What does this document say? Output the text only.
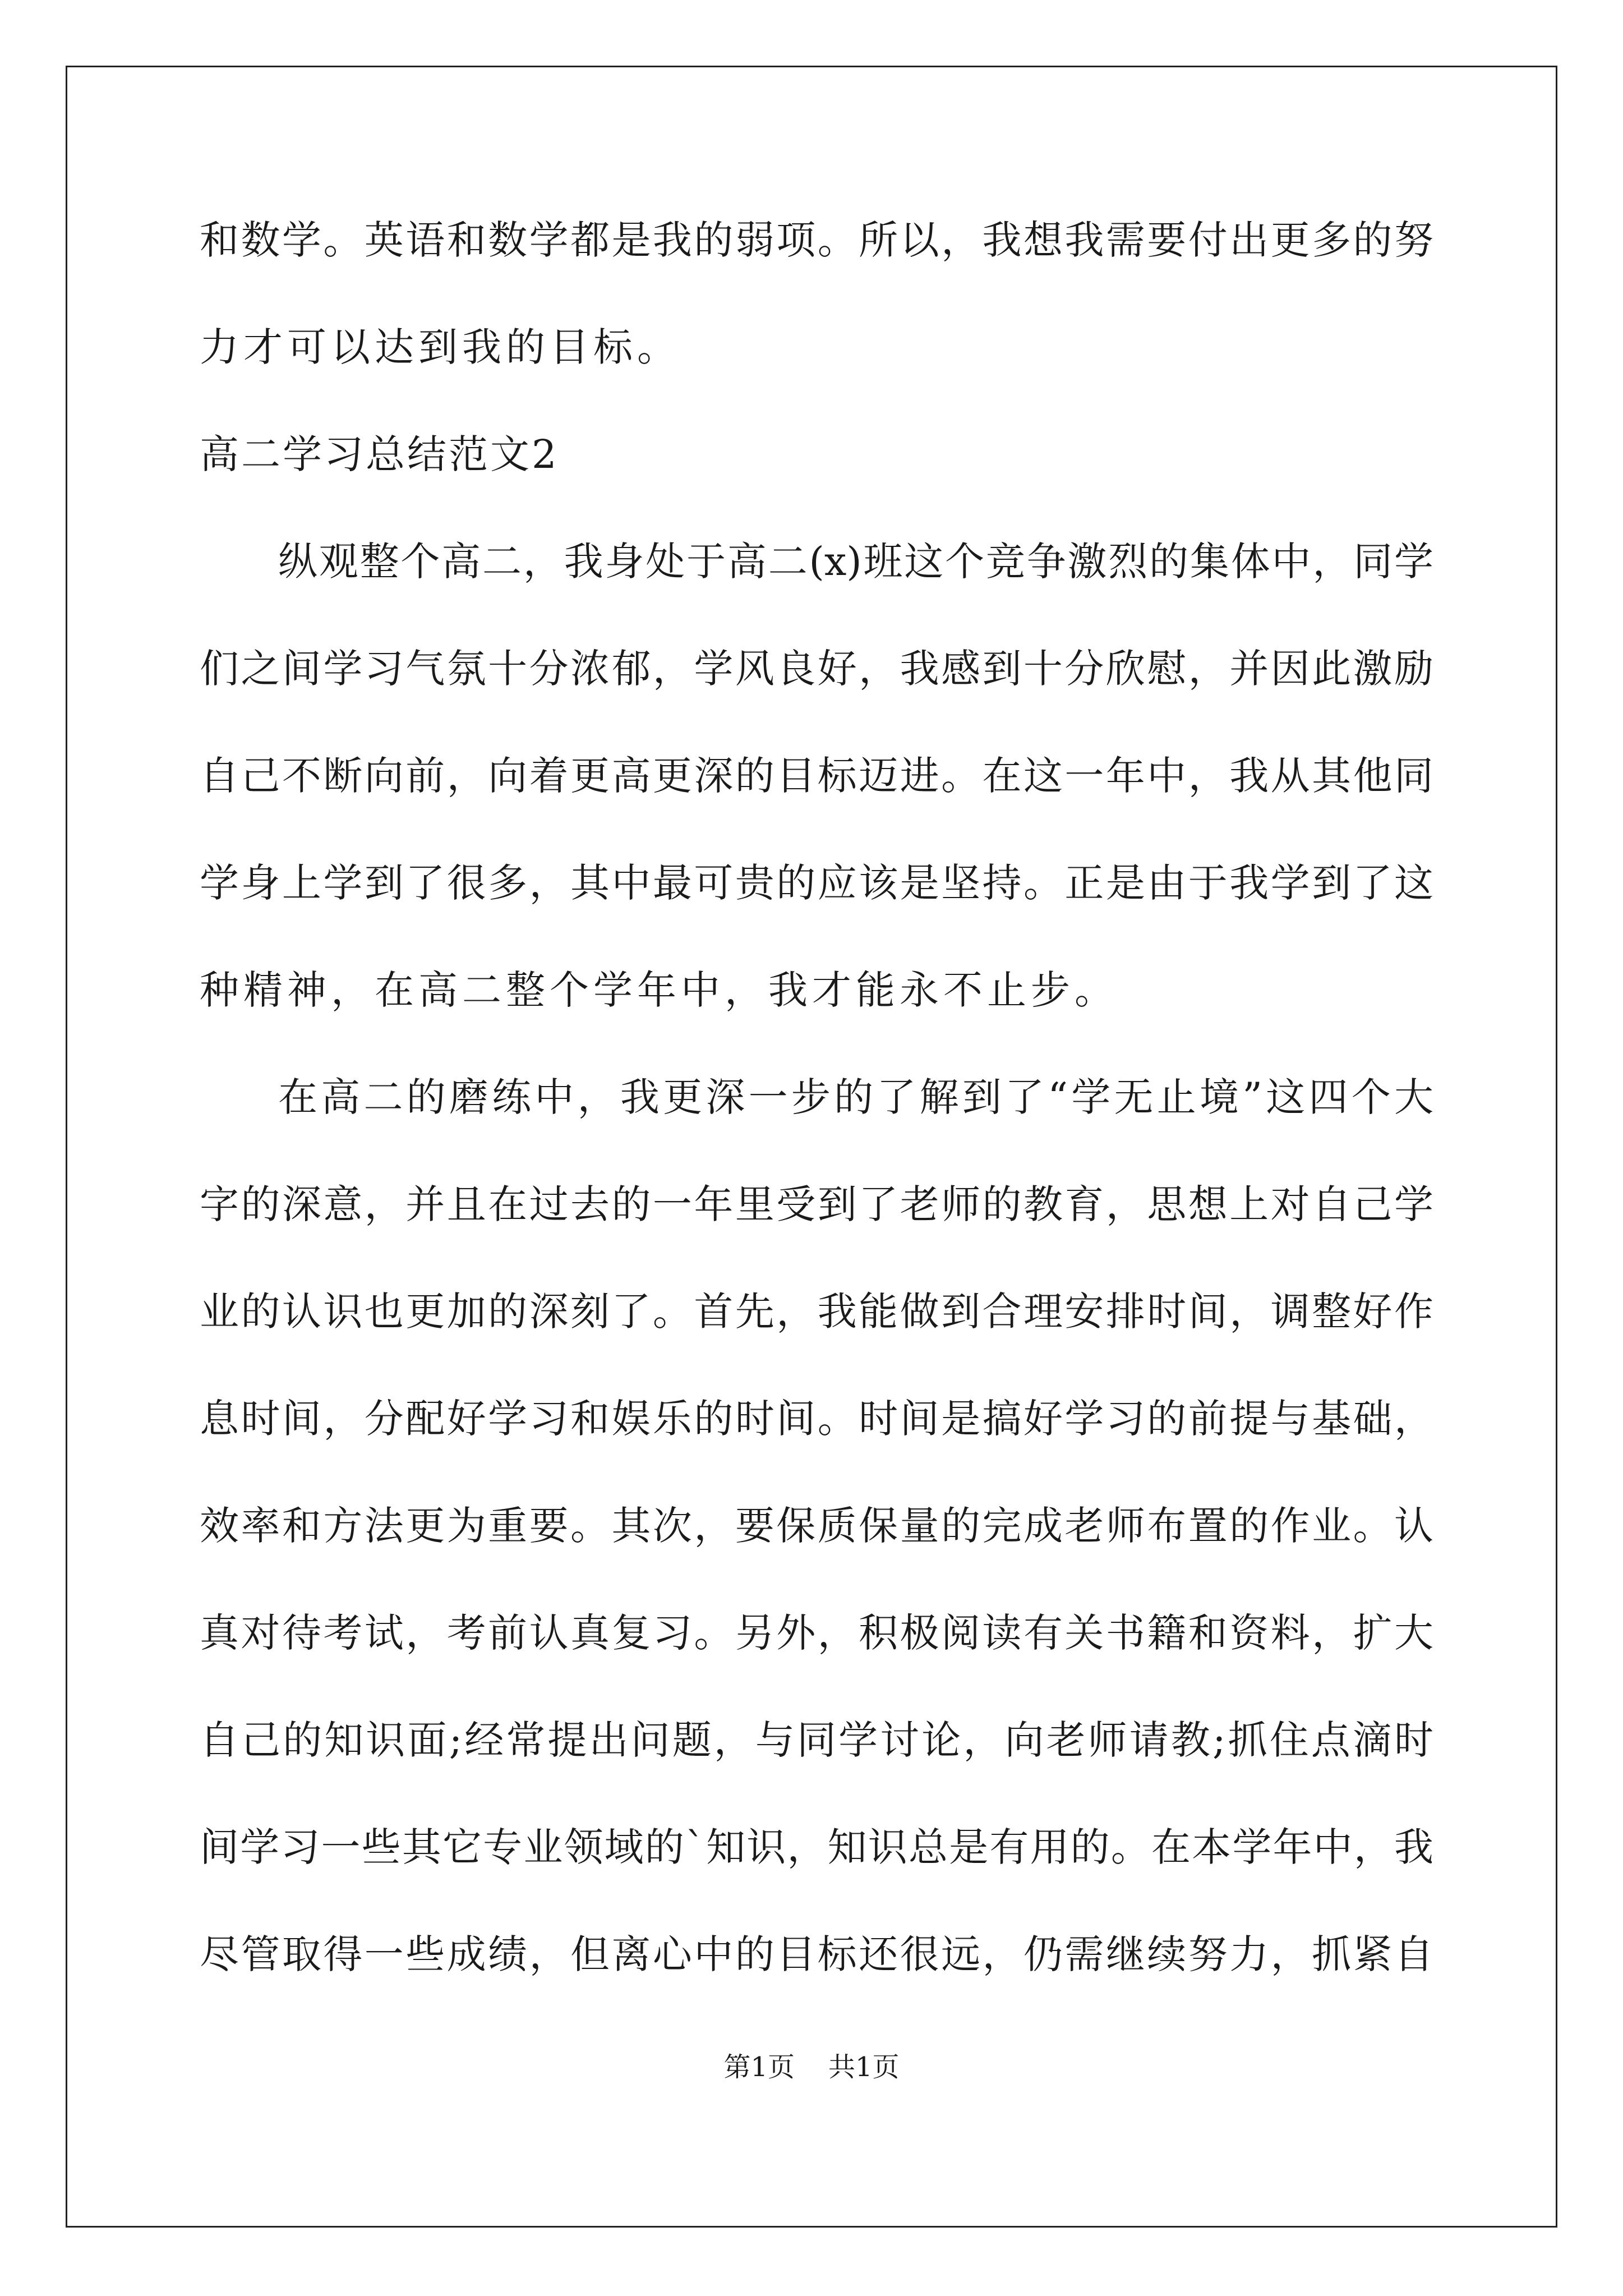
和数学。英语和数学都是我的弱项。所以，我想我需要付出更多的努
力才可以达到我的目标。
高二学习总结范文2
纵观整个高二，我身处于高二(x)班这个竞争激烈的集体中，同学
们之间学习气氛十分浓郁，学风良好，我感到十分欣慰，并因此激励
自己不断向前，向着更高更深的目标迈进。在这一年中，我从其他同
学身上学到了很多，其中最可贵的应该是坚持。正是由于我学到了这
种精神，在高二整个学年中，我才能永不止步。
在高二的磨练中，我更深一步的了解到了“学无止境”这四个大
字的深意，并且在过去的一年里受到了老师的教育，思想上对自己学
业的认识也更加的深刻了。首先，我能做到合理安排时间，调整好作
息时间，分配好学习和娱乐的时间。时间是搞好学习的前提与基础，
效率和方法更为重要。其次，要保质保量的完成老师布置的作业。认
真对待考试，考前认真复习。另外，积极阅读有关书籍和资料，扩大
自己的知识面;经常提出问题，与同学讨论，向老师请教;抓住点滴时
间学习一些其它专业领域的`知识，知识总是有用的。在本学年中，我
尽管取得一些成绩，但离心中的目标还很远，仍需继续努力，抓紧自
第1页 共1页
